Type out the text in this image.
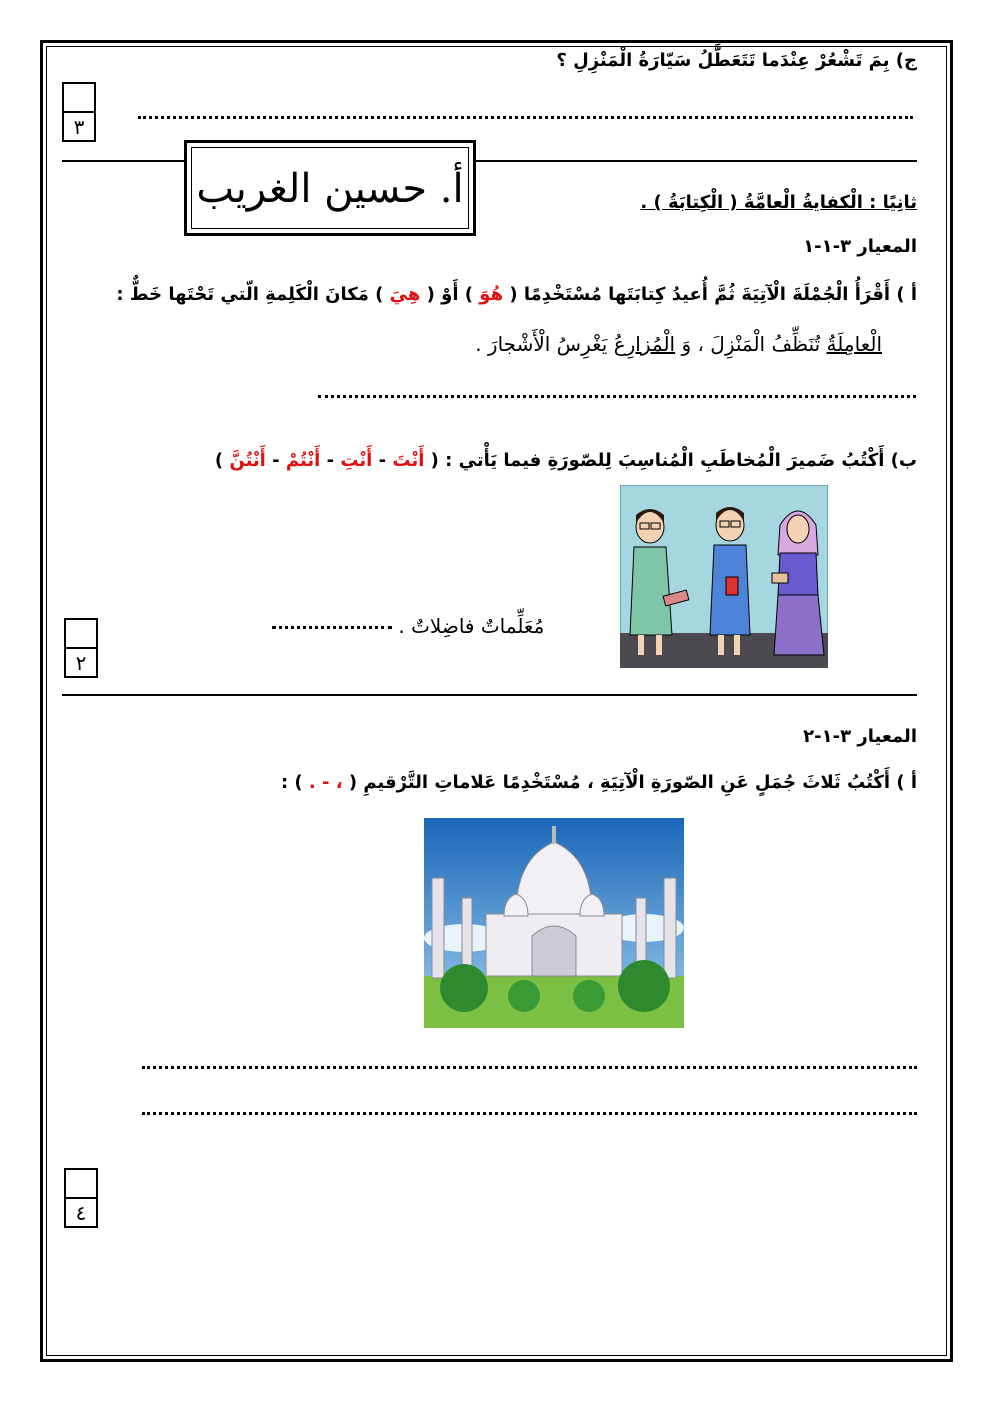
ج) بِمَ تَشْعُرْ عِنْدَما تَتَعَطَّلُ سَيّارَةُ الْمَنْزِلِ ؟
٣
أ. حسين الغريب	ثانِيًا : الْكفايةُ الْعامَّةُ ( الْكِتابَةُ ) .
المعيار ٣-١-١
أ ) أَقْرَأُ الْجُمْلَةَ الْآتِيَةَ ثُمَّ أُعيدُ كِتابَتَها مُسْتَخْدِمًا ( هُوَ ) أَوْ ( هِيَ ) مَكانَ الْكَلِمةِ الّتي تَحْتَها خَطٌّ :
الْعامِلَةُ تُنَظِّفُ الْمَنْزِلَ ، وَ الْمُزارِعُ يَغْرِسُ الْأَشْجارَ .
ب) أَكْتُبُ ضَميرَ الْمُخاطَبِ الْمُناسِبَ لِلصّورَةِ فيما يَأْتي : ( أَنْتَ - أَنْتِ - أَنْتُمْ - أَنْتُنَّ )
مُعَلِّماتٌ فاضِلاتٌ .
٢
المعيار ٣-١-٢
أ ) أَكْتُبُ ثَلاثَ جُمَلٍ عَنِ الصّورَةِ الْآتِيَةِ ، مُسْتَخْدِمًا عَلاماتِ التَّرْقيمِ ( ، - . ) :
٤
